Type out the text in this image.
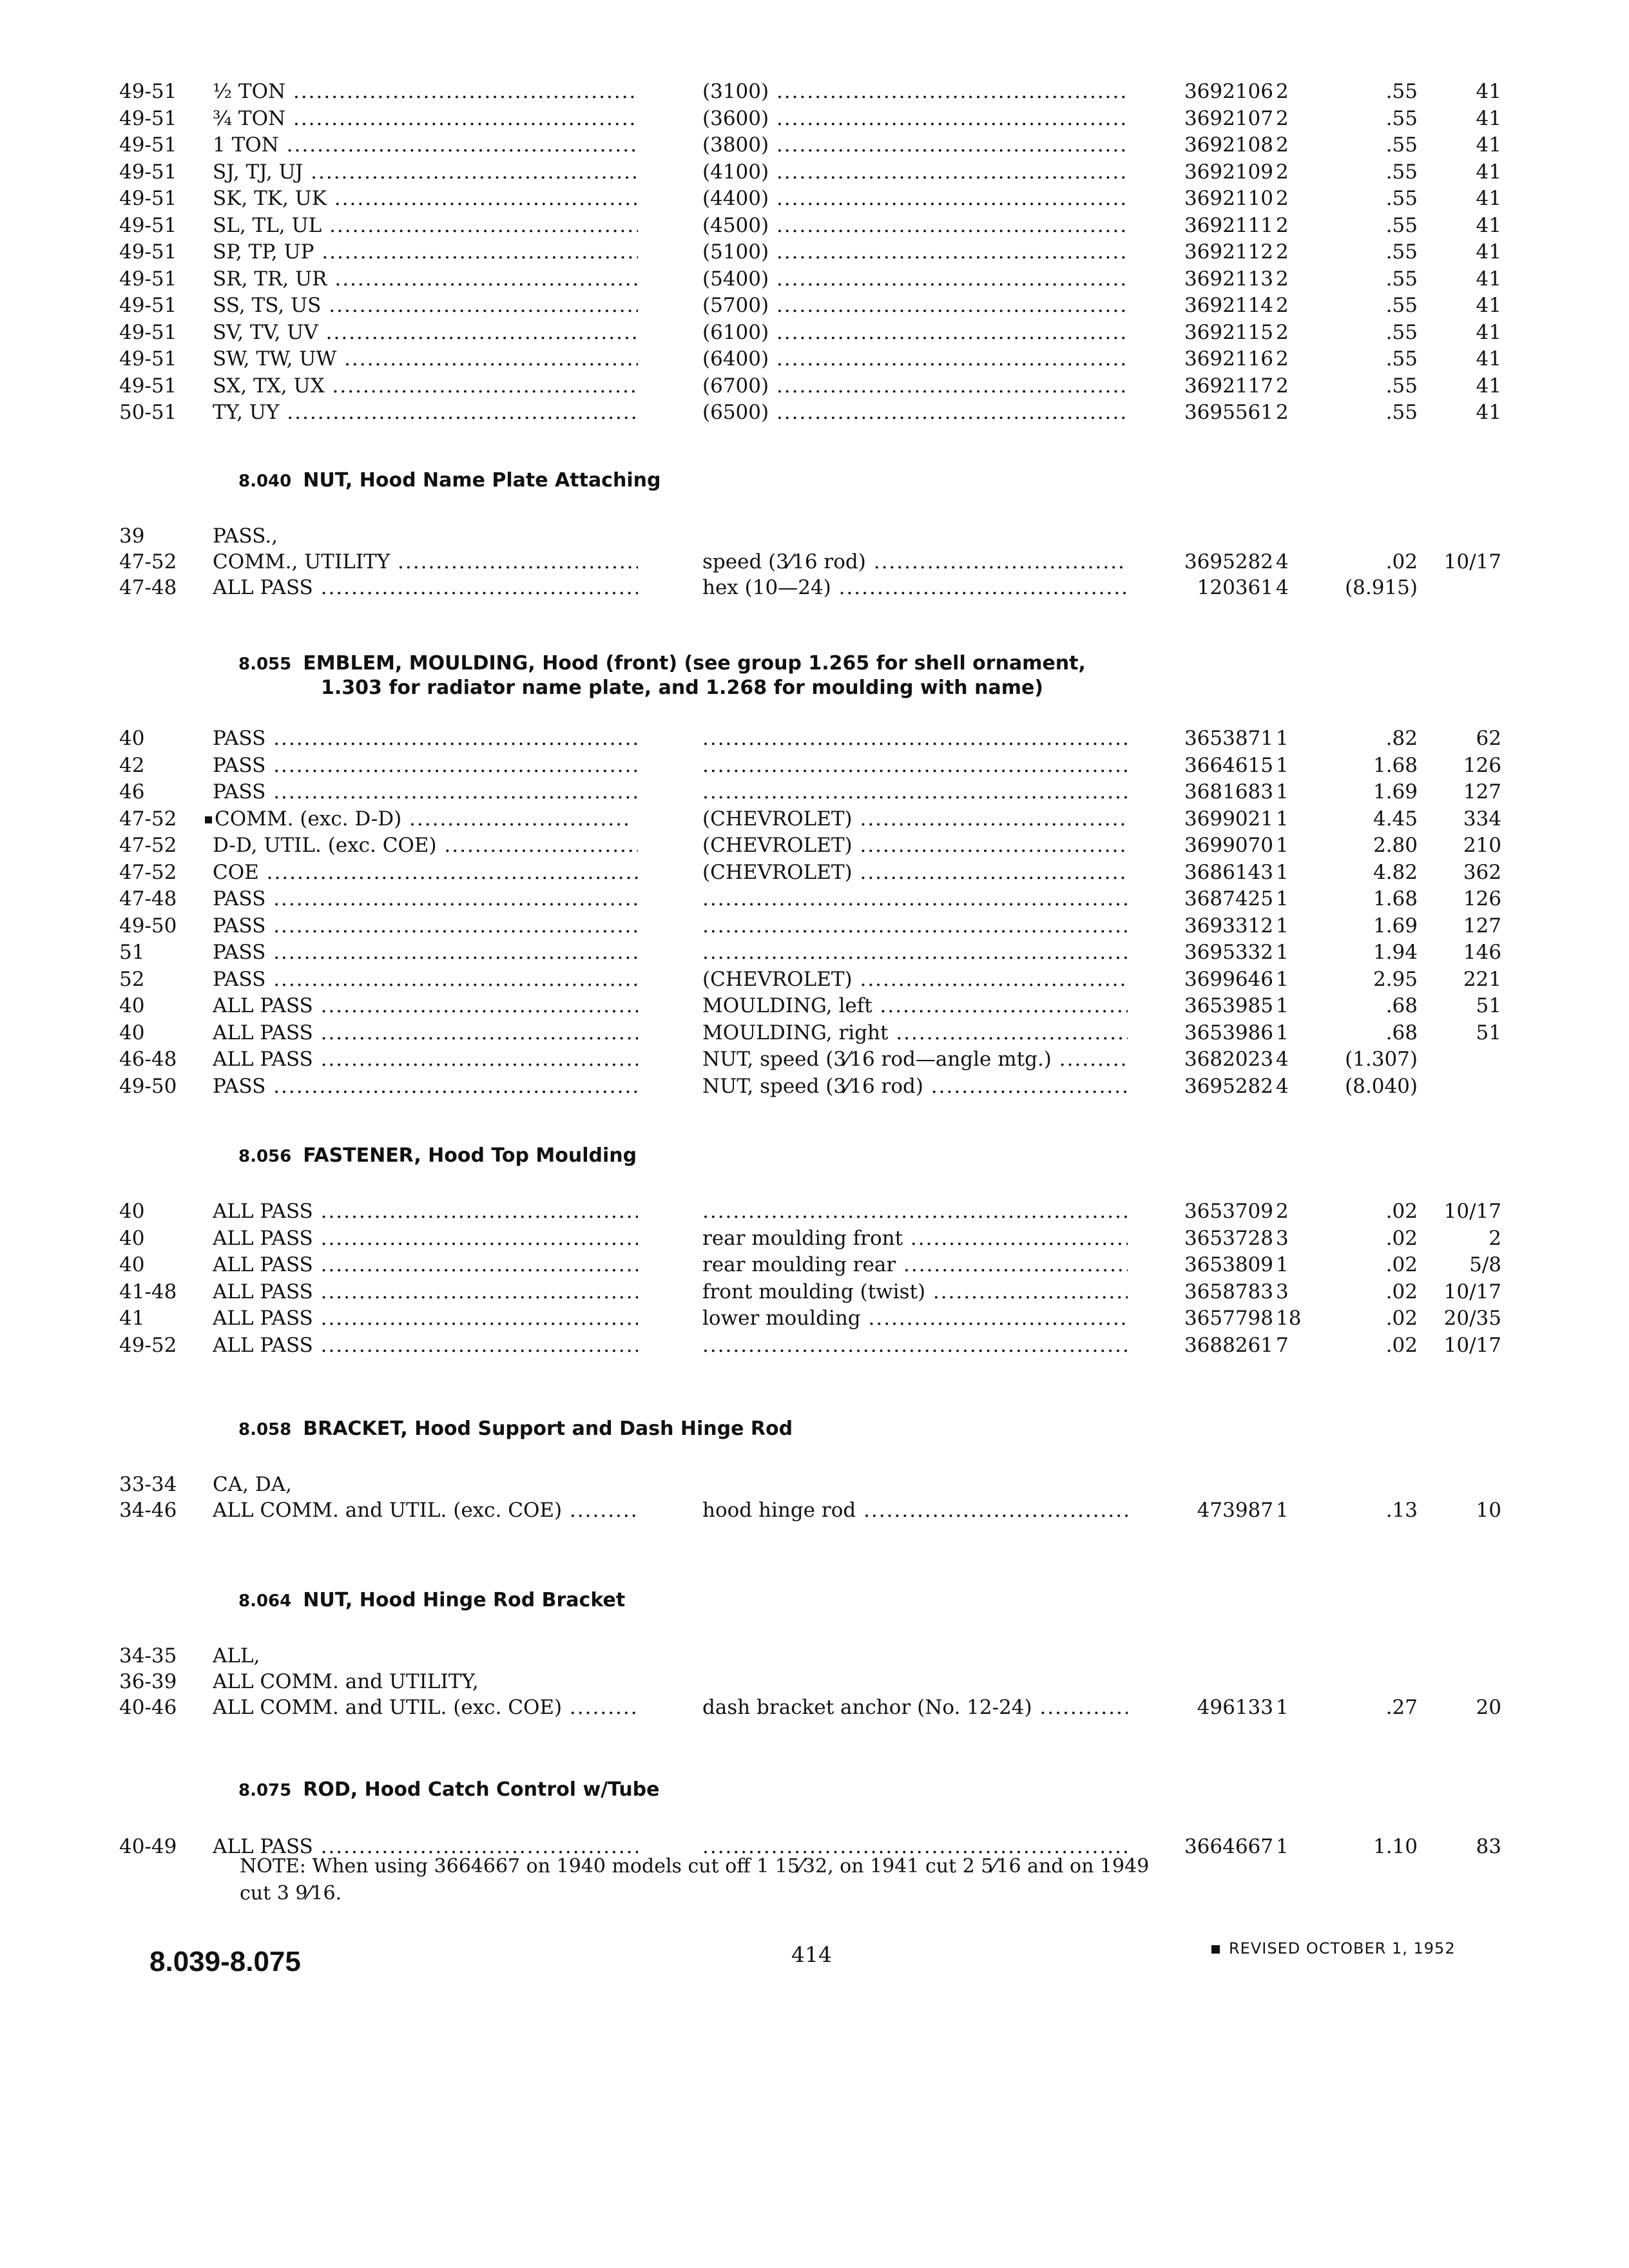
49-51 ½ TON .....	(3100) .....	3692106 2	.55	41
49-51 ¾ TON .....	(3600) .....	3692107 2	.55	41
49-51 1 TON .....	(3800) .....	3692108 2	.55	41
49-51 SJ, TJ, UJ .....	(4100) .....	3692109 2	.55	41
49-51 SK, TK, UK .....	(4400) .....	3692110 2	.55	41
49-51 SL, TL, UL .....	(4500) .....	3692111 2	.55	41
49-51 SP, TP, UP .....	(5100) .....	3692112 2	.55	41
49-51 SR, TR, UR .....	(5400) .....	3692113 2	.55	41
49-51 SS, TS, US .....	(5700) .....	3692114 2	.55	41
49-51 SV, TV, UV .....	(6100) .....	3692115 2	.55	41
49-51 SW, TW, UW .....	(6400) .....	3692116 2	.55	41
49-51 SX, TX, UX .....	(6700) .....	3692117 2	.55	41
50-51 TY, UY .....	(6500) .....	3695561 2	.55	41
8.040 NUT, Hood Name Plate Attaching
39	PASS.,
47-52 COMM., UTILITY .....	speed (3⁄16 rod) .....	3695282 4	.02	10/17
47-48 ALL PASS .....	hex (10—24) .....	120361 4	(8.915)
8.055 EMBLEM, MOULDING, Hood (front) (see group 1.265 for shell ornament,
1.303 for radiator name plate, and 1.268 for moulding with name)
40	PASS ..... .....	3653871 1	.82	62
42	PASS ..... .....	3664615 1	1.68	126
46	PASS ..... .....	3681683 1	1.69	127
47-52	COMM. (exc. D-D) .....	(CHEVROLET) .....	3699021 1	4.45	334
47-52 D-D, UTIL. (exc. COE) .....	(CHEVROLET) .....	3699070 1	2.80	210
47-52 COE .....	(CHEVROLET) .....	3686143 1	4.82	362
47-48 PASS ..... .....	3687425 1	1.68	126
49-50 PASS ..... .....	3693312 1	1.69	127
51	PASS ..... .....	3695332 1	1.94	146
52	PASS .....	(CHEVROLET) .....	3699646 1	2.95	221
40	ALL PASS .....	MOULDING, left .....	3653985 1	.68	51
40	ALL PASS .....	MOULDING, right .....	3653986 1	.68	51
46-48 ALL PASS .....	NUT, speed (3⁄16 rod—angle mtg.) .....	3682023 4	(1.307)
49-50 PASS .....	NUT, speed (3⁄16 rod) .....	3695282 4	(8.040)
8.056 FASTENER, Hood Top Moulding
40	ALL PASS ..... .....	3653709 2	.02	10/17
40	ALL PASS .....	rear moulding front .....	3653728 3	.02	2
40	ALL PASS .....	rear moulding rear .....	3653809 1	.02	5/8
41-48 ALL PASS .....	front moulding (twist) .....	3658783 3	.02	10/17
41	ALL PASS .....	lower moulding .....	3657798 18	.02	20/35
49-52 ALL PASS ..... .....	3688261 7	.02	10/17
8.058 BRACKET, Hood Support and Dash Hinge Rod
33-34 CA, DA,
34-46 ALL COMM. and UTIL. (exc. COE) .....	hood hinge rod .....	473987 1	.13	10
8.064 NUT, Hood Hinge Rod Bracket
34-35 ALL,
36-39 ALL COMM. and UTILITY,
40-46 ALL COMM. and UTIL. (exc. COE) .....	dash bracket anchor (No. 12-24) .....	496133 1	.27	20
8.075 ROD, Hood Catch Control w/Tube
40-49 ALL PASS ..... .....	3664667 1	1.10	83
NOTE: When using 3664667 on 1940 models cut off 1 15⁄32, on 1941 cut 2 5⁄16 and on 1949 cut 3 9⁄16.
8.039-8.075	414	REVISED OCTOBER 1, 1952
